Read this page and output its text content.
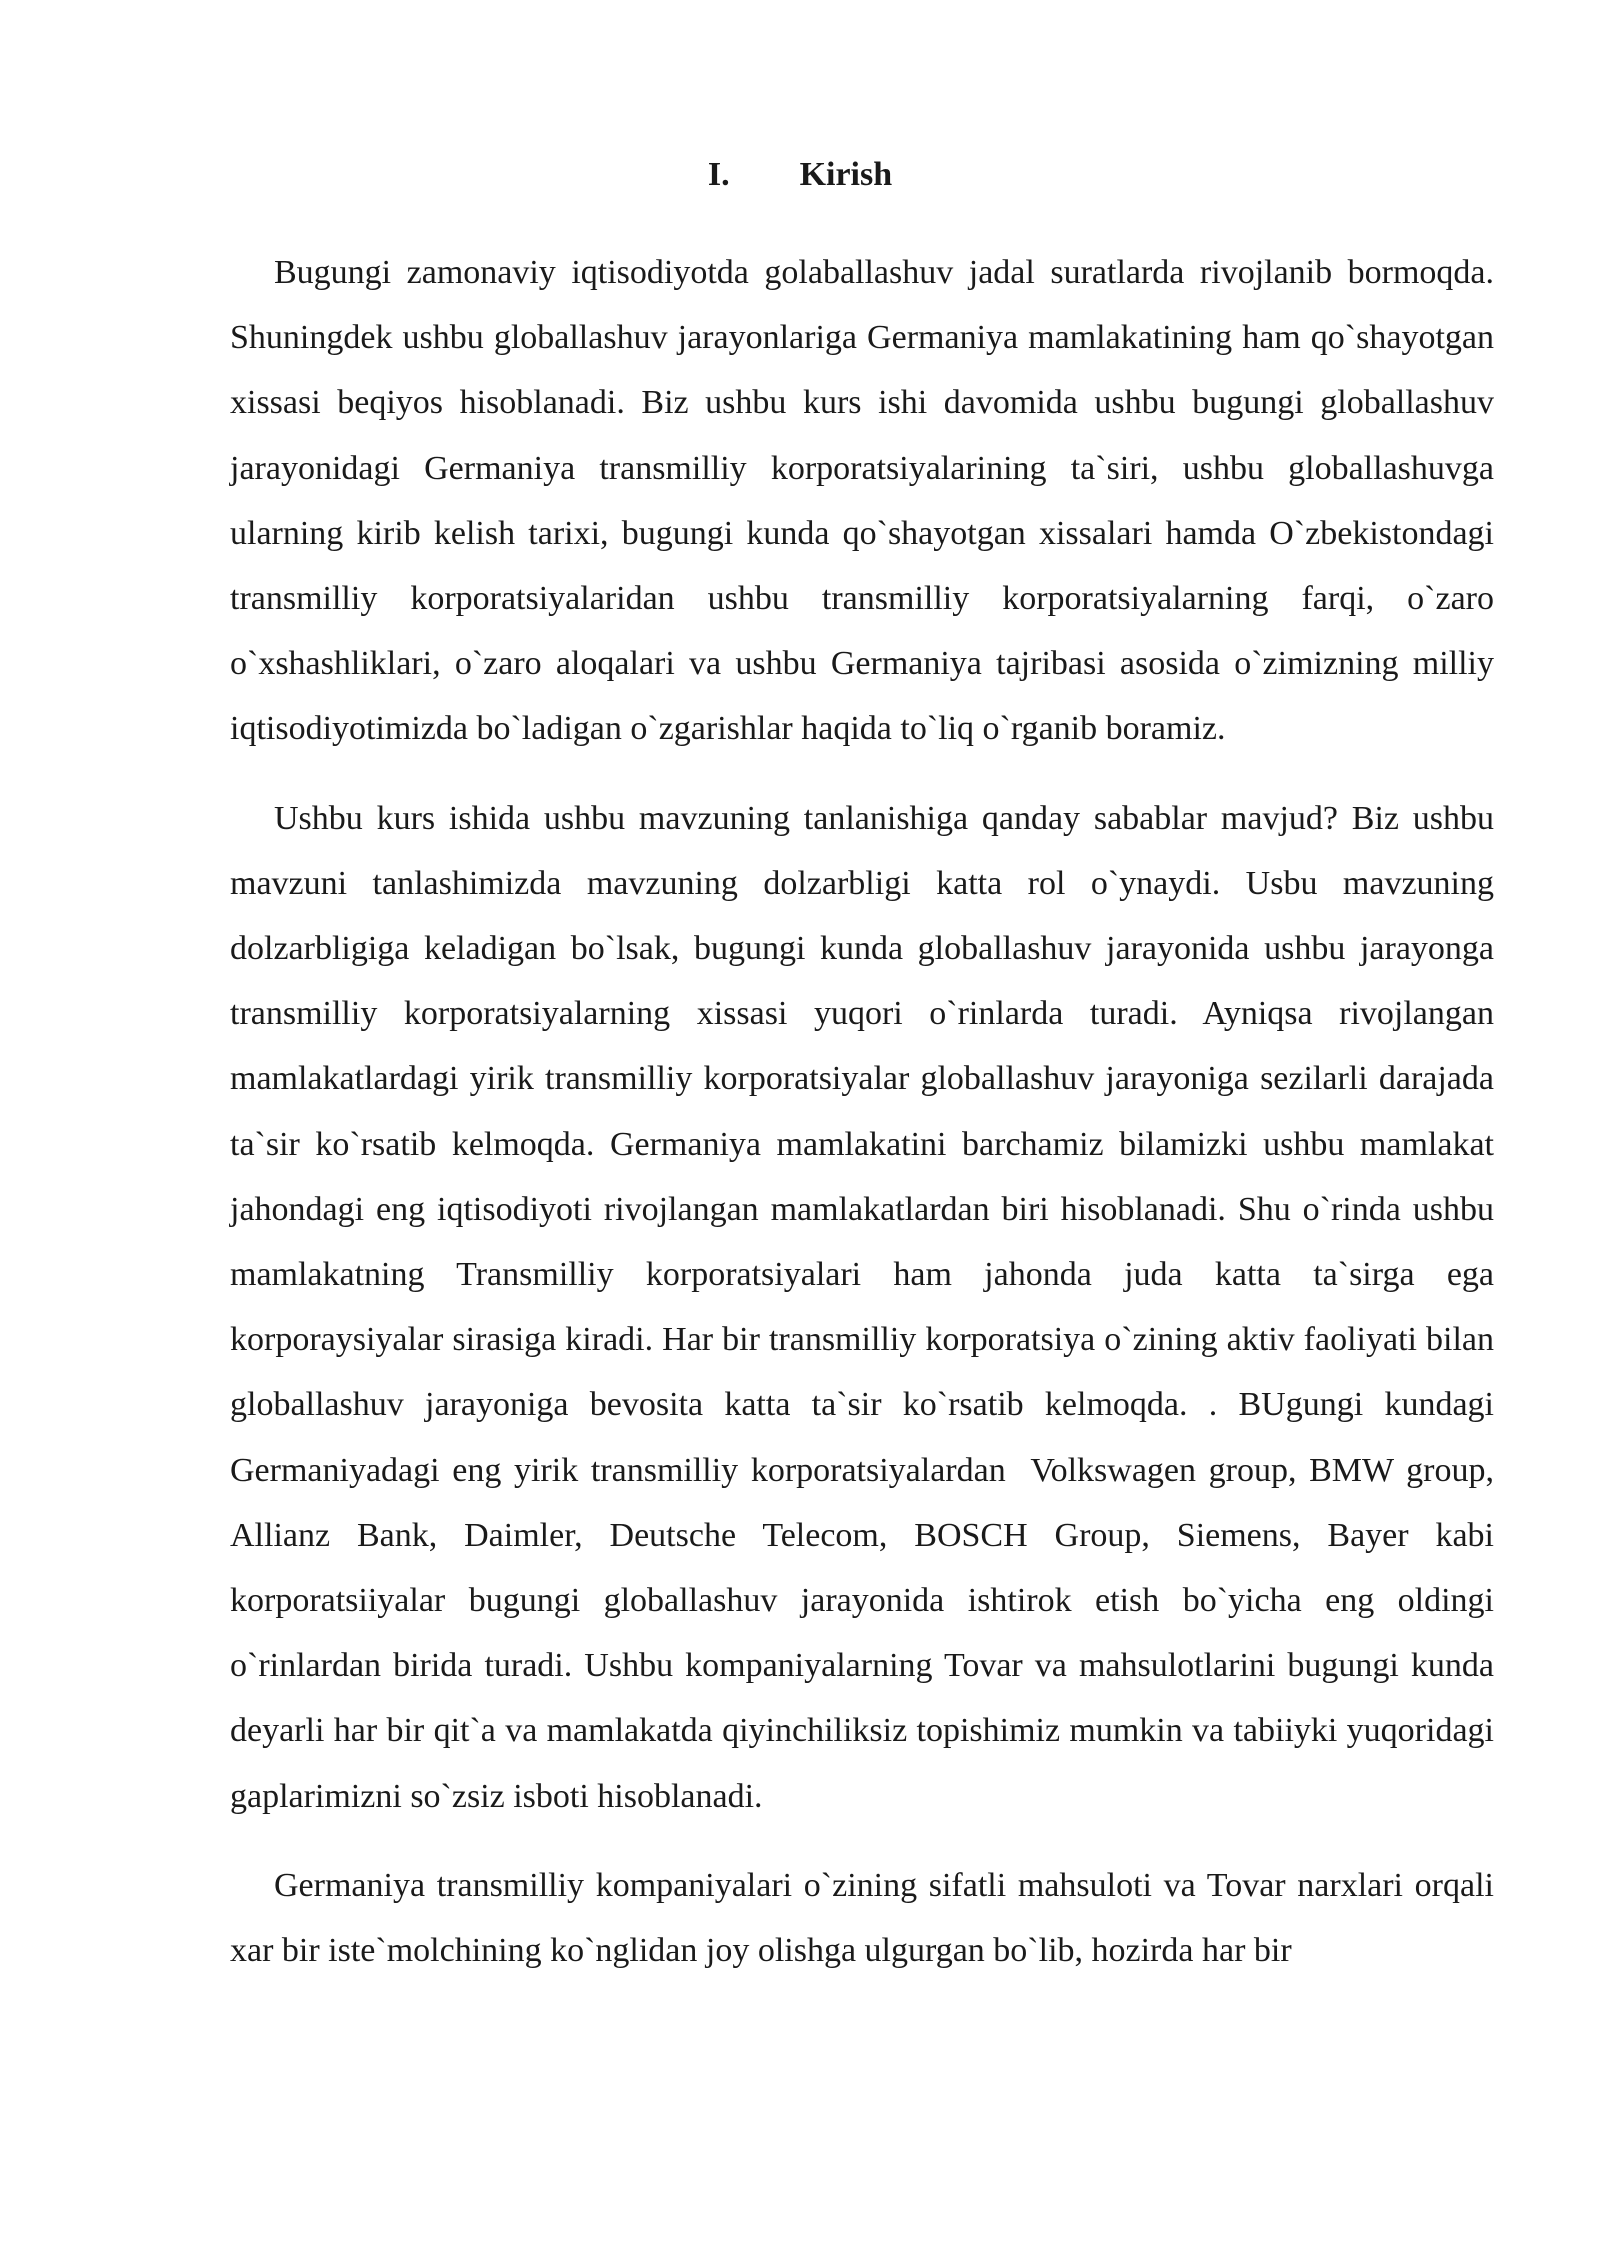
I. Kirish

Bugungi zamonaviy iqtisodiyotda golaballashuv jadal suratlarda rivojlanib bormoqda. Shuningdek ushbu globallashuv jarayonlariga Germaniya mamlakatining ham qo`shayotgan xissasi beqiyos hisoblanadi. Biz ushbu kurs ishi davomida ushbu bugungi globallashuv jarayonidagi Germaniya transmilliy korporatsiyalarining ta`siri, ushbu globallashuvga ularning kirib kelish tarixi, bugungi kunda qo`shayotgan xissalari hamda O`zbekistondagi transmilliy korporatsiyalaridan ushbu transmilliy korporatsiyalarning farqi, o`zaro o`xshashliklari, o`zaro aloqalari va ushbu Germaniya tajribasi asosida o`zimizning milliy iqtisodiyotimizda bo`ladigan o`zgarishlar haqida to`liq o`rganib boramiz.

Ushbu kurs ishida ushbu mavzuning tanlanishiga qanday sabablar mavjud? Biz ushbu mavzuni tanlashimizda mavzuning dolzarbligi katta rol o`ynaydi. Usbu mavzuning dolzarbligiga keladigan bo`lsak, bugungi kunda globallashuv jarayonida ushbu jarayonga transmilliy korporatsiyalarning xissasi yuqori o`rinlarda turadi. Ayniqsa rivojlangan mamlakatlardagi yirik transmilliy korporatsiyalar globallashuv jarayoniga sezilarli darajada ta`sir ko`rsatib kelmoqda. Germaniya mamlakatini barchamiz bilamizki ushbu mamlakat jahondagi eng iqtisodiyoti rivojlangan mamlakatlardan biri hisoblanadi. Shu o`rinda ushbu mamlakatning Transmilliy korporatsiyalari ham jahonda juda katta ta`sirga ega korporaysiyalar sirasiga kiradi. Har bir transmilliy korporatsiya o`zining aktiv faoliyati bilan globallashuv jarayoniga bevosita katta ta`sir ko`rsatib kelmoqda. . BUgungi kundagi Germaniyadagi eng yirik transmilliy korporatsiyalardan  Volkswagen group, BMW group, Allianz Bank, Daimler, Deutsche Telecom, BOSCH Group, Siemens, Bayer kabi korporatsiiyalar bugungi globallashuv jarayonida ishtirok etish bo`yicha eng oldingi o`rinlardan birida turadi. Ushbu kompaniyalarning Tovar va mahsulotlarini bugungi kunda deyarli har bir qit`a va mamlakatda qiyinchiliksiz topishimiz mumkin va tabiiyki yuqoridagi gaplarimizni so`zsiz isboti hisoblanadi.

Germaniya transmilliy kompaniyalari o`zining sifatli mahsuloti va Tovar narxlari orqali xar bir iste`molchining ko`nglidan joy olishga ulgurgan bo`lib, hozirda har bir
